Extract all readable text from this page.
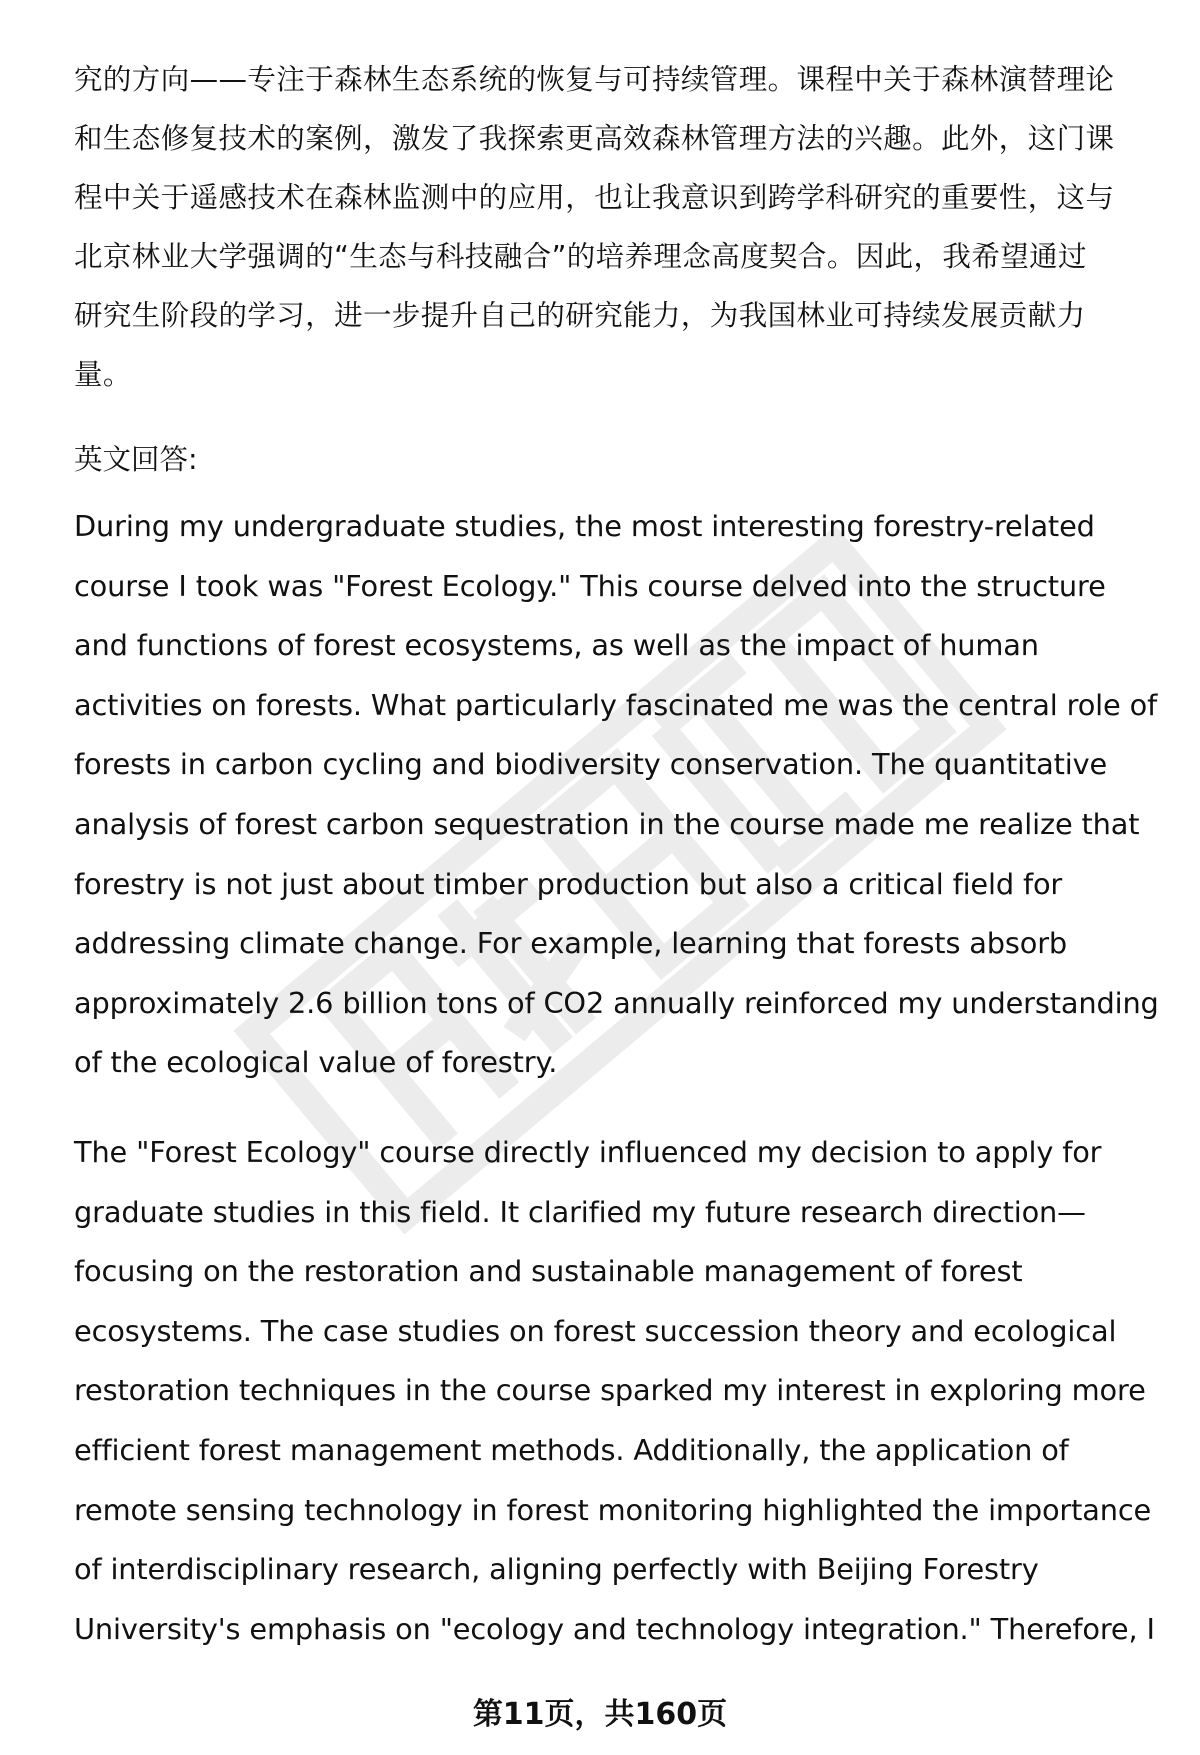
究的方向——专注于森林生态系统的恢复与可持续管理。课程中关于森林演替理论
和生态修复技术的案例，激发了我探索更高效森林管理方法的兴趣。此外，这门课
程中关于遥感技术在森林监测中的应用，也让我意识到跨学科研究的重要性，这与
北京林业大学强调的“生态与科技融合”的培养理念高度契合。因此，我希望通过
研究生阶段的学习，进一步提升自己的研究能力，为我国林业可持续发展贡献力
量。
英文回答:
During my undergraduate studies, the most interesting forestry-related
course I took was "Forest Ecology." This course delved into the structure
and functions of forest ecosystems, as well as the impact of human
activities on forests. What particularly fascinated me was the central role of
forests in carbon cycling and biodiversity conservation. The quantitative
analysis of forest carbon sequestration in the course made me realize that
forestry is not just about timber production but also a critical field for
addressing climate change. For example, learning that forests absorb
approximately 2.6 billion tons of CO2 annually reinforced my understanding
of the ecological value of forestry.
The "Forest Ecology" course directly influenced my decision to apply for
graduate studies in this field. It clarified my future research direction—
focusing on the restoration and sustainable management of forest
ecosystems. The case studies on forest succession theory and ecological
restoration techniques in the course sparked my interest in exploring more
efficient forest management methods. Additionally, the application of
remote sensing technology in forest monitoring highlighted the importance
of interdisciplinary research, aligning perfectly with Beijing Forestry
University's emphasis on "ecology and technology integration." Therefore, I
第11页，共160页
